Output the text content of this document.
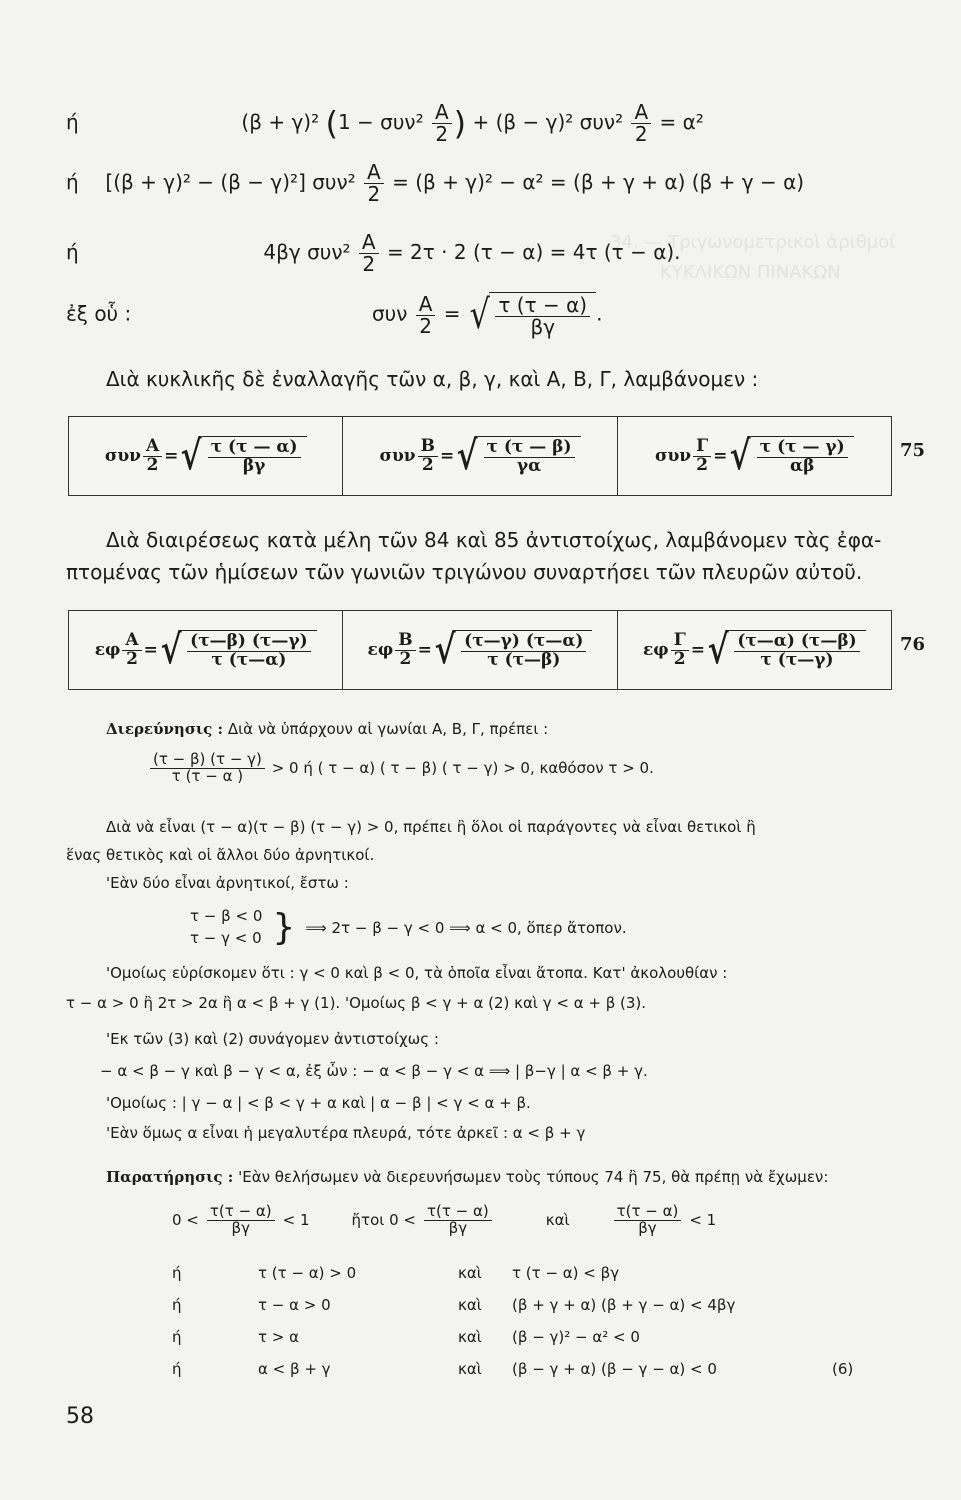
34. — Τριγωνομετρικοὶ ἀριθμοί
ΚΥΚΛΙΚΩΝ ΠΙΝΑΚΩΝ
ή	(β + γ)² ($1 - \sigma\upsilon\nu^2 \frac{A}{2}$ ) + (β − γ)² $\sigma\upsilon\nu^2 \frac{A}{2} = \alpha^2$
ή [(β + γ)² − (β − γ)²] $\sigma\upsilon\nu^2 \frac{A}{2} = (\beta + \gamma)^2 - \alpha^2 = (\beta + \gamma + \alpha) (\beta + \gamma - \alpha)$
ή	4βγ $\sigma\upsilon\nu^2 \frac{A}{2} = 2\tau \cdot 2$ (τ − α) = 4τ (τ − α).
ἐξ οὗ :	συν $\frac{A}{2}$ = √ $\frac{\tau (\tau - \alpha)}{\beta\gamma}$ .
Διὰ κυκλικῆς δὲ ἐναλλαγῆς τῶν α, β, γ, καὶ Α, Β, Γ, λαμβάνομεν :
συν $\frac{A}{2}$ = √ $\frac{\tau (\tau — \alpha)}{\beta\gamma}$	συν $\frac{B}{2}$ = √ $\frac{\tau (\tau — \beta)}{\gamma\alpha}$	συν $\frac{\Gamma}{2}$ = √ $\frac{\tau (\tau — \gamma)}{\alpha\beta}$	75
Διὰ διαιρέσεως κατὰ μέλη τῶν 84 καὶ 85 ἀντιστοίχως, λαμβάνομεν τὰς ἐφα-
πτομένας τῶν ἡμίσεων τῶν γωνιῶν τριγώνου συναρτήσει τῶν πλευρῶν αὐτοῦ.
εφ $\frac{A}{2}$ = √ $\frac{(\tau—\beta) (\tau—\gamma)}{\tau (\tau—\alpha)}$	εφ $\frac{B}{2}$ = √ $\frac{(\tau—\gamma) (\tau—\alpha)}{\tau (\tau—\beta)}$	εφ $\frac{\Gamma}{2}$ = √ $\frac{(\tau—\alpha) (\tau—\beta)}{\tau (\tau—\gamma)} 76$
Διερεύνησις : Διὰ νὰ ὑπάρχουν αἱ γωνίαι Α, Β, Γ, πρέπει :
$\frac{(\tau - \beta) (\tau - \gamma)}{\tau (\tau - \alpha )} > 0$ ή ( τ − α) ( τ − β) ( τ − γ) > 0, καθόσον τ > 0.
Διὰ νὰ εἶναι (τ − α)(τ − β) (τ − γ) > 0, πρέπει ἢ ὅλοι οἱ παράγοντες νὰ εἶναι θετικοὶ ἢ
ἕνας θετικὸς καὶ οἱ ἄλλοι δύο ἀρνητικοί.
'Εὰν δύο εἶναι ἀρνητικοί, ἔστω :
τ − β < 0
τ − γ < 0 } ⟹ 2τ − β − γ < 0 ⟹ α < 0, ὅπερ ἄτοπον.
'Ομοίως εὑρίσκομεν ὅτι : γ < 0 καὶ β < 0, τὰ ὁποῖα εἶναι ἄτοπα. Κατ' ἀκολουθίαν :
τ − α > 0 ἢ 2τ > 2α ἢ α < β + γ (1). 'Ομοίως β < γ + α (2) καὶ γ < α + β (3).
'Εκ τῶν (3) καὶ (2) συνάγομεν ἀντιστοίχως :
− α < β − γ καὶ β − γ < α, ἐξ ὧν : − α < β − γ < α ⟹ | β−γ | α < β + γ.
'Ομοίως : | γ − α | < β < γ + α καὶ | α − β | < γ < α + β.
'Εὰν ὅμως α εἶναι ἡ μεγαλυτέρα πλευρά, τότε ἀρκεῖ : α < β + γ
Παρατήρησις : 'Εὰν θελήσωμεν νὰ διερευνήσωμεν τοὺς τύπους 74 ἢ 75, θὰ πρέπῃ νὰ ἔχωμεν:
$0 < \frac{\tau(\tau - \alpha)}{\beta\gamma} < 1$	ἤτοι $0 < \frac{\tau(\tau - \alpha)}{\beta\gamma}$	καὶ	$\frac{\tau(\tau - \alpha)}{\beta\gamma} < 1$
ή	τ (τ − α) > 0	καὶ τ (τ − α) < βγ
ή	τ − α > 0	καὶ (β + γ + α) (β + γ − α) < 4βγ
ή	τ > α	καὶ (β − γ)² − α² < 0
ή	α < β + γ	καὶ (β − γ + α) (β − γ − α) < 0	(6)
58
